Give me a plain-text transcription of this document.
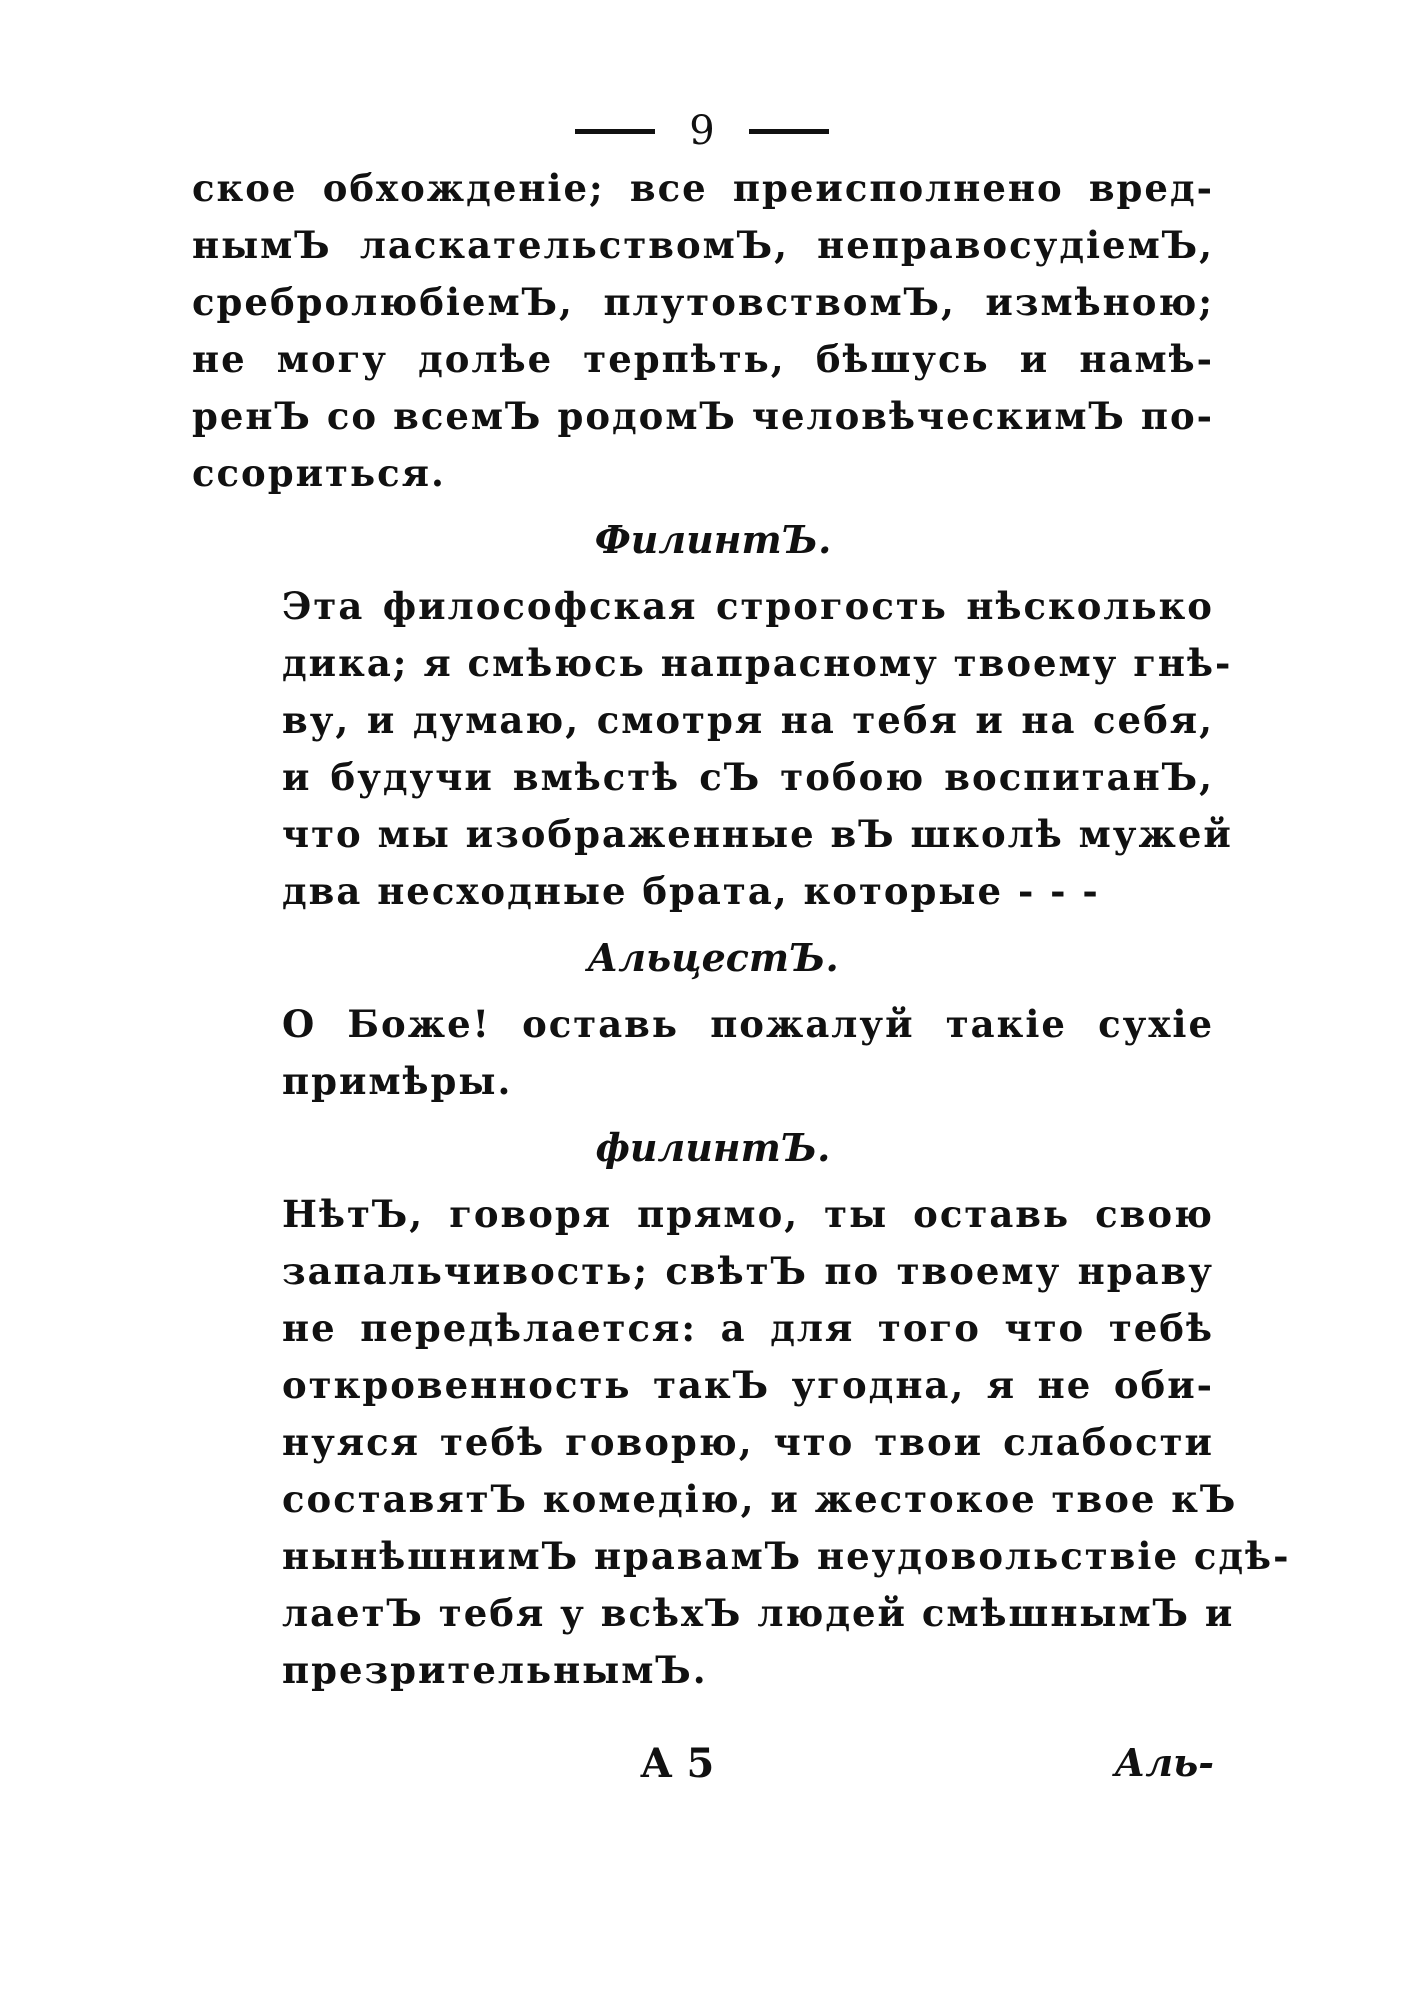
9
ское обхожденіе; все преисполнено вред-
нымЪ ласкательствомЪ, неправосудіемЪ,
сребролюбіемЪ, плутовствомЪ, измѣною;
не могу долѣе терпѣть, бѣшусь и намѣ-
ренЪ со всемЪ родомЪ человѣческимЪ по-
ссориться.
ФилинтЪ.
Эта философская строгость нѣсколько
дика; я смѣюсь напрасному твоему гнѣ-
ву, и думаю, смотря на тебя и на себя,
и будучи вмѣстѣ сЪ тобою воспитанЪ,
что мы изображенные вЪ школѣ мужей
два несходные брата, которые - - -
АльцестЪ.
О Боже! оставь пожалуй такіе сухіе
примѣры.
филинтЪ.
НѣтЪ, говоря прямо, ты оставь свою
запальчивость; свѣтЪ по твоему нраву
не передѣлается: а для того что тебѣ
откровенность такЪ угодна, я не оби-
нуяся тебѣ говорю, что твои слабости
составятЪ комедію, и жестокое твое кЪ
нынѣшнимЪ нравамЪ неудовольствіе сдѣ-
лаетЪ тебя у всѣхЪ людей смѣшнымЪ и
презрительнымЪ.
А 5	Аль-
